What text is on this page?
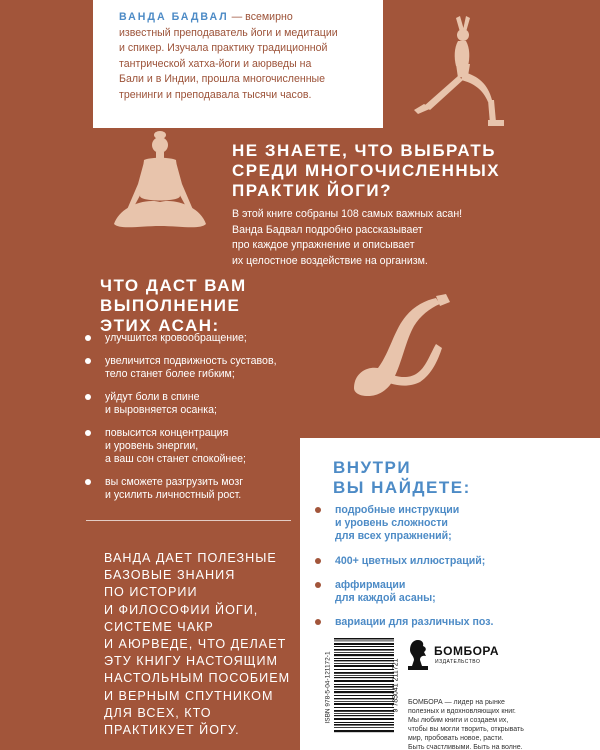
ВАНДА БАДВАЛ — всемирно
известный преподаватель йоги и медитации
и спикер. Изучала практику традиционной
тантрической хатха-йоги и аюрведы на
Бали и в Индии, прошла многочисленные
тренинги и преподавала тысячи часов.
НЕ ЗНАЕТЕ, ЧТО ВЫБРАТЬ
СРЕДИ МНОГОЧИСЛЕННЫХ
ПРАКТИК ЙОГИ?
В этой книге собраны 108 самых важных асан!
Ванда Бадвал подробно рассказывает
про каждое упражнение и описывает
их целостное воздействие на организм.
ЧТО ДАСТ ВАМ
ВЫПОЛНЕНИЕ
ЭТИХ АСАН:
улучшится кровообращение;
увеличится подвижность суставов,
тело станет более гибким;
уйдут боли в спине
и выровняется осанка;
повысится концентрация
и уровень энергии,
а ваш сон станет спокойнее;
вы сможете разгрузить мозг
и усилить личностный рост.
ВАНДА ДАЕТ ПОЛЕЗНЫЕ
БАЗОВЫЕ ЗНАНИЯ
ПО ИСТОРИИ
И ФИЛОСОФИИ ЙОГИ,
СИСТЕМЕ ЧАКР
И АЮРВЕДЕ, ЧТО ДЕЛАЕТ
ЭТУ КНИГУ НАСТОЯЩИМ
НАСТОЛЬНЫМ ПОСОБИЕМ
И ВЕРНЫМ СПУТНИКОМ
ДЛЯ ВСЕХ, КТО
ПРАКТИКУЕТ ЙОГУ.
ВНУТРИ
ВЫ НАЙДЕТЕ:
подробные инструкции
и уровень сложности
для всех упражнений;
400+ цветных иллюстраций;
аффирмации
для каждой асаны;
вариации для различных поз.
ISBN 978-5-04-121172-1	9 785041 211721
БОМБОРА
ИЗДАТЕЛЬСТВО
БОМБОРА — лидер на рынке
полезных и вдохновляющих книг.
Мы любим книги и создаем их,
чтобы вы могли творить, открывать
мир, пробовать новое, расти.
Быть счастливыми. Быть на волне.
